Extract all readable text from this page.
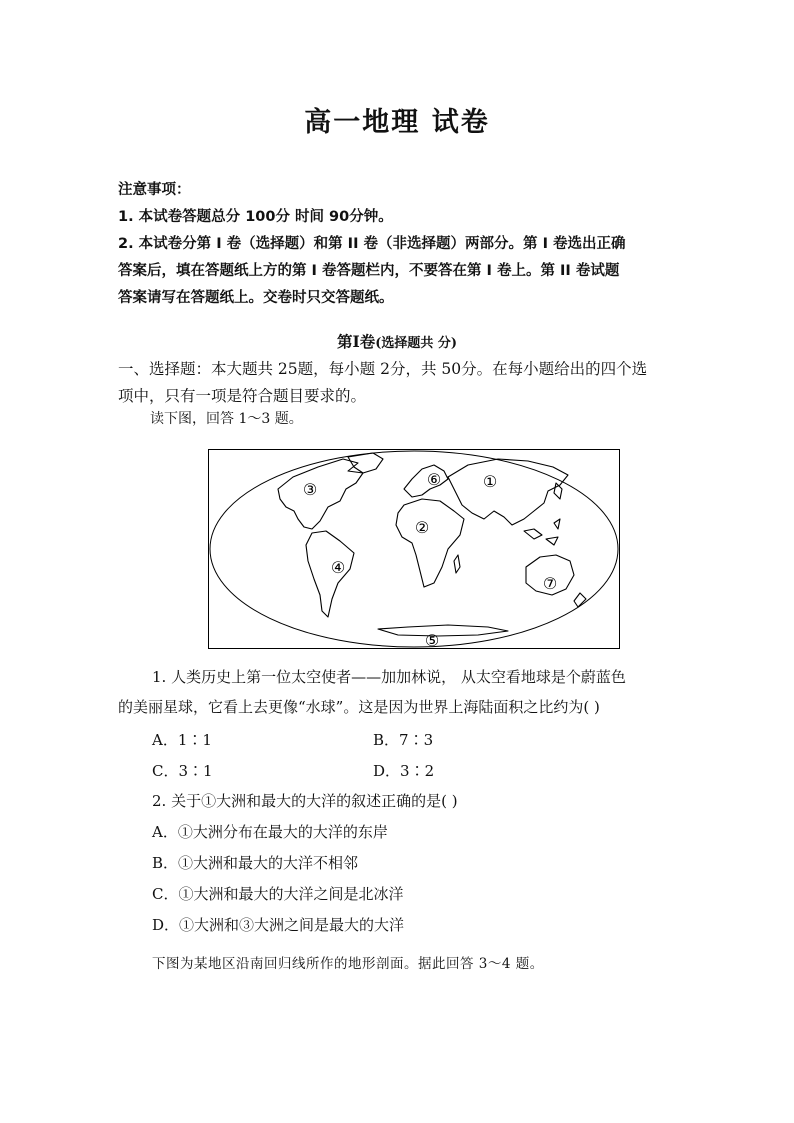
高一地理 试卷
注意事项：
1. 本试卷答题总分 100分 时间 90分钟。
2. 本试卷分第 I 卷（选择题）和第 II 卷（非选择题）两部分。第 I 卷选出正确
答案后，填在答题纸上方的第 I 卷答题栏内，不要答在第 I 卷上。第 II 卷试题
答案请写在答题纸上。交卷时只交答题纸。
第Ⅰ卷(选择题共 分)
一、选择题：本大题共 25题，每小题 2分，共 50分。在每小题给出的四个选
项中，只有一项是符合题目要求的。
读下图，回答 1～3 题。
①
②
③
④
⑤
⑥
⑦
1. 人类历史上第一位太空使者——加加林说， 从太空看地球是个蔚蓝色
的美丽星球，它看上去更像“水球”。这是因为世界上海陆面积之比约为( )
A．1∶1	B．7∶3
C．3∶1	D．3∶2
2. 关于①大洲和最大的大洋的叙述正确的是( )
A．①大洲分布在最大的大洋的东岸
B．①大洲和最大的大洋不相邻
C．①大洲和最大的大洋之间是北冰洋
D．①大洲和③大洲之间是最大的大洋
下图为某地区沿南回归线所作的地形剖面。据此回答 3～4 题。
